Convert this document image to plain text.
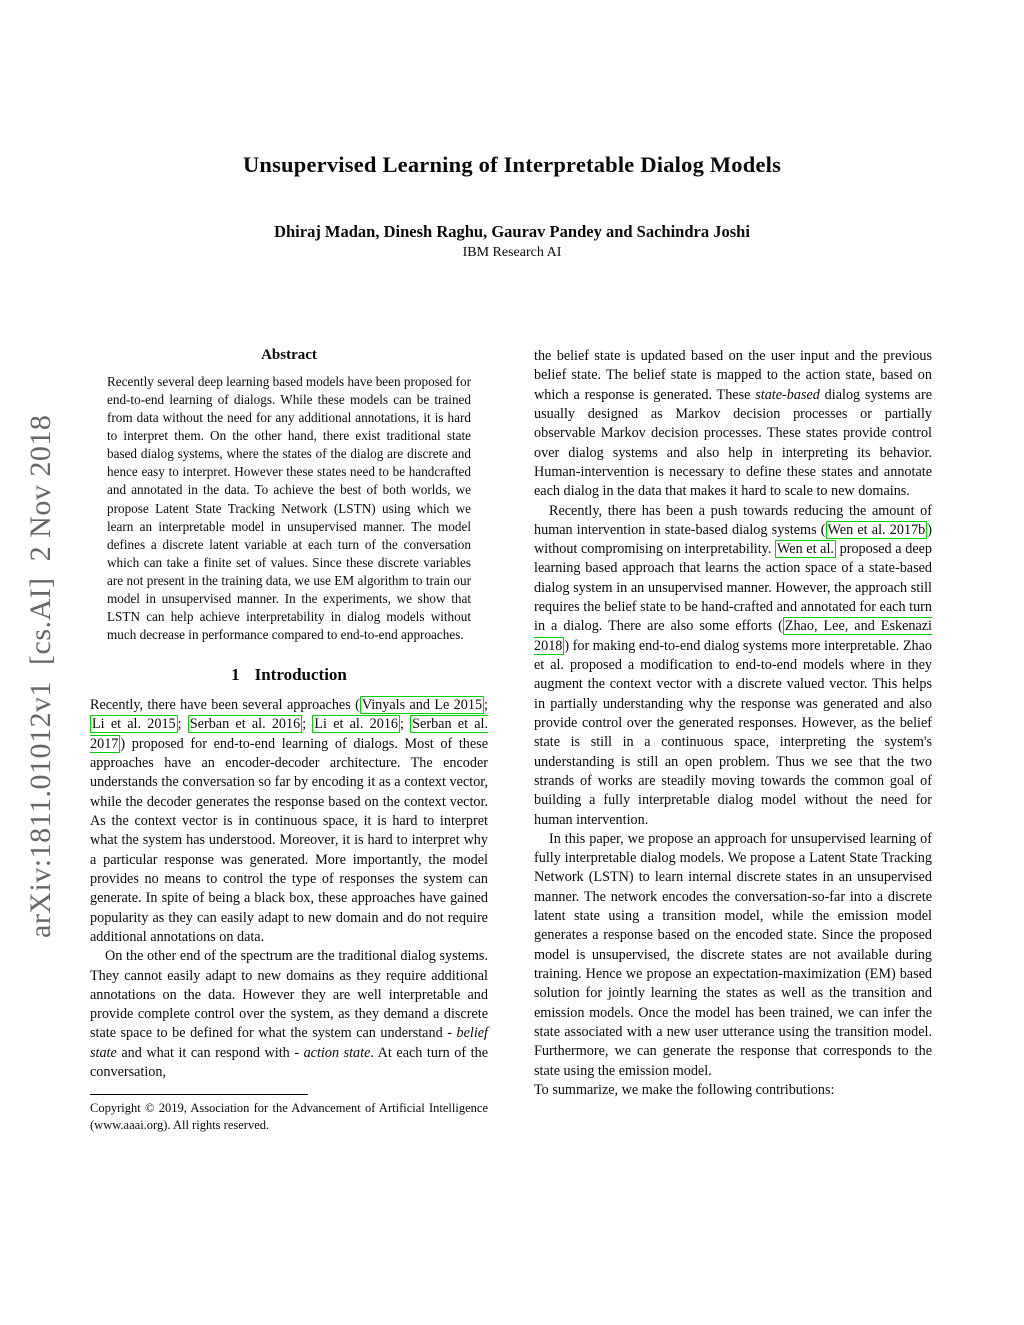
arXiv:1811.01012v1  [cs.AI]  2 Nov 2018
Unsupervised Learning of Interpretable Dialog Models
Dhiraj Madan, Dinesh Raghu, Gaurav Pandey and Sachindra Joshi
IBM Research AI
Abstract

Recently several deep learning based models have been proposed for end-to-end learning of dialogs. While these models can be trained from data without the need for any additional annotations, it is hard to interpret them. On the other hand, there exist traditional state based dialog systems, where the states of the dialog are discrete and hence easy to interpret. However these states need to be handcrafted and annotated in the data. To achieve the best of both worlds, we propose Latent State Tracking Network (LSTN) using which we learn an interpretable model in unsupervised manner. The model defines a discrete latent variable at each turn of the conversation which can take a finite set of values. Since these discrete variables are not present in the training data, we use EM algorithm to train our model in unsupervised manner. In the experiments, we show that LSTN can help achieve interpretability in dialog models without much decrease in performance compared to end-to-end approaches.

1 Introduction

Recently, there have been several approaches ( Vinyals and Le 2015 ; Li et al. 2015 ; Serban et al. 2016 ; Li et al. 2016 ; Serban et al. 2017 ) proposed for end-to-end learning of dialogs. Most of these approaches have an encoder-decoder architecture. The encoder understands the conversation so far by encoding it as a context vector, while the decoder generates the response based on the context vector. As the context vector is in continuous space, it is hard to interpret what the system has understood. Moreover, it is hard to interpret why a particular response was generated. More importantly, the model provides no means to control the type of responses the system can generate. In spite of being a black box, these approaches have gained popularity as they can easily adapt to new domain and do not require additional annotations on data.

On the other end of the spectrum are the traditional dialog systems. They cannot easily adapt to new domains as they require additional annotations on the data. However they are well interpretable and provide complete control over the system, as they demand a discrete state space to be defined for what the system can understand - belief state and what it can respond with - action state. At each turn of the conversation,

Copyright © 2019, Association for the Advancement of Artificial Intelligence (www.aaai.org). All rights reserved.

the belief state is updated based on the user input and the previous belief state. The belief state is mapped to the action state, based on which a response is generated. These state-based dialog systems are usually designed as Markov decision processes or partially observable Markov decision processes. These states provide control over dialog systems and also help in interpreting its behavior. Human-intervention is necessary to define these states and annotate each dialog in the data that makes it hard to scale to new domains.

Recently, there has been a push towards reducing the amount of human intervention in state-based dialog systems ( Wen et al. 2017b ) without compromising on interpretability. Wen et al. proposed a deep learning based approach that learns the action space of a state-based dialog system in an unsupervised manner. However, the approach still requires the belief state to be hand-crafted and annotated for each turn in a dialog. There are also some efforts ( Zhao, Lee, and Eskenazi 2018 ) for making end-to-end dialog systems more interpretable. Zhao et al. proposed a modification to end-to-end models where in they augment the context vector with a discrete valued vector. This helps in partially understanding why the response was generated and also provide control over the generated responses. However, as the belief state is still in a continuous space, interpreting the system's understanding is still an open problem. Thus we see that the two strands of works are steadily moving towards the common goal of building a fully interpretable dialog model without the need for human intervention.

In this paper, we propose an approach for unsupervised learning of fully interpretable dialog models. We propose a Latent State Tracking Network (LSTN) to learn internal discrete states in an unsupervised manner. The network encodes the conversation-so-far into a discrete latent state using a transition model, while the emission model generates a response based on the encoded state. Since the proposed model is unsupervised, the discrete states are not available during training. Hence we propose an expectation-maximization (EM) based solution for jointly learning the states as well as the transition and emission models. Once the model has been trained, we can infer the state associated with a new user utterance using the transition model. Furthermore, we can generate the response that corresponds to the state using the emission model.

To summarize, we make the following contributions:
